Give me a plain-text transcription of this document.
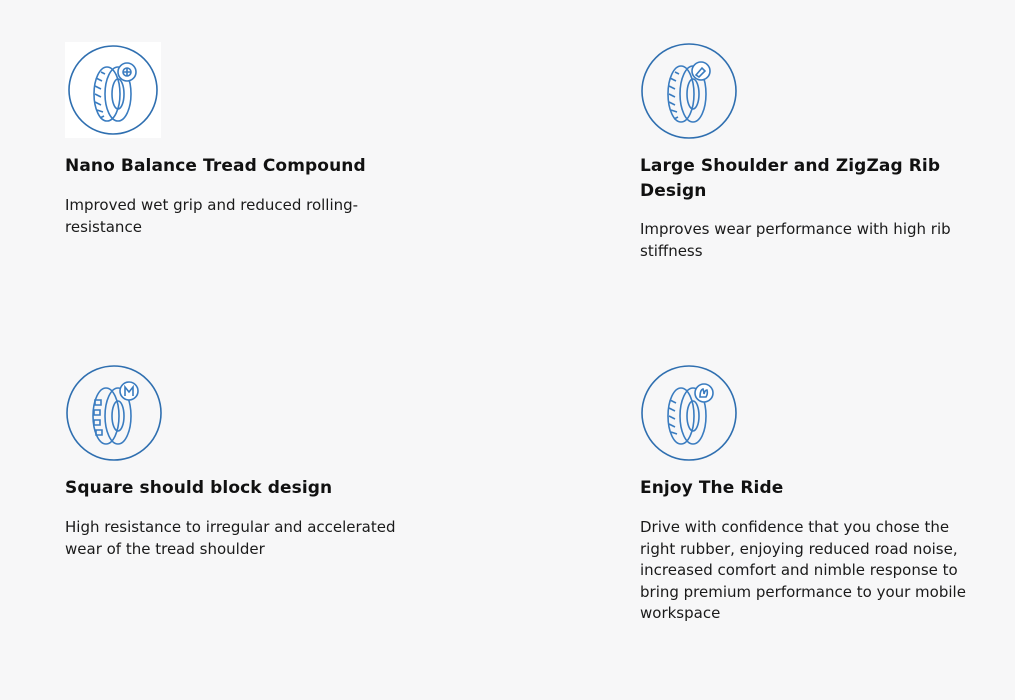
Nano Balance Tread Compound

Improved wet grip and reduced rolling-resistance

Large Shoulder and ZigZag Rib Design

Improves wear performance with high rib stiffness

Square should block design

High resistance to irregular and accelerated wear of the tread shoulder

Enjoy The Ride

Drive with confidence that you chose the right rubber, enjoying reduced road noise, increased comfort and nimble response to bring premium performance to your mobile workspace
